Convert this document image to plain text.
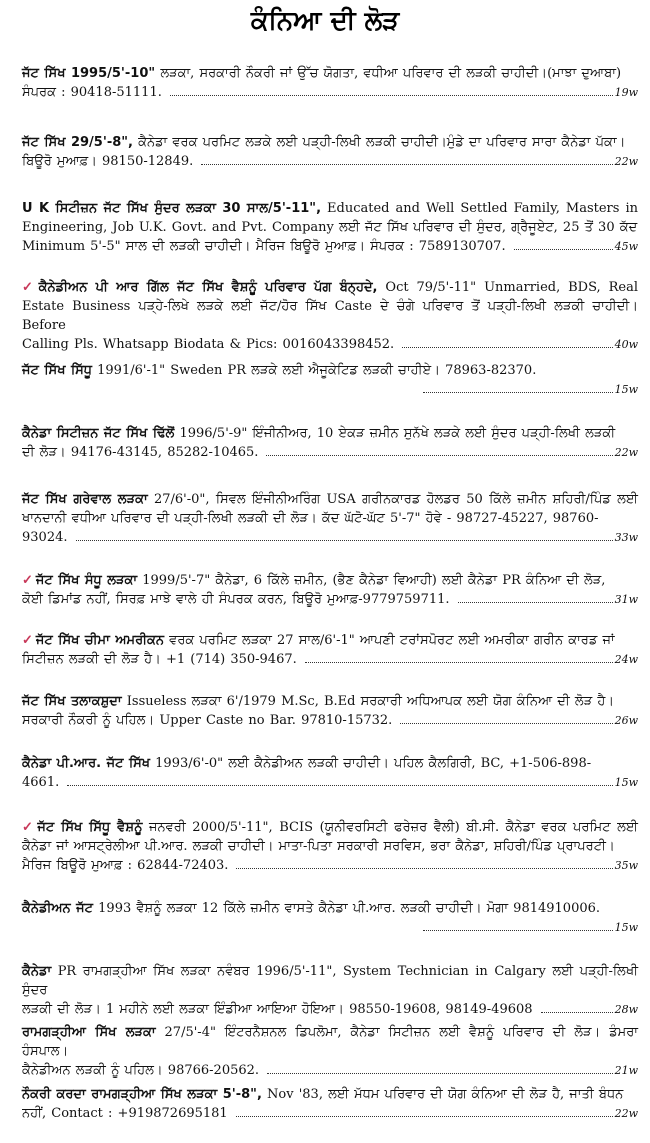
ਕੰਨਿਆ ਦੀ ਲੋੜ
ਜੱਟ ਸਿੱਖ 1995/5'-10" ਲੜਕਾ, ਸਰਕਾਰੀ ਨੌਕਰੀ ਜਾਂ ਉੱਚ ਯੋਗਤਾ, ਵਧੀਆ ਪਰਿਵਾਰ ਦੀ ਲੜਕੀ ਚਾਹੀਦੀ।(ਮਾਝਾ ਦੁਆਬਾ)
ਸੰਪਰਕ : 90418-51111.	19w
ਜੱਟ ਸਿੱਖ 29/5'-8", ਕੈਨੇਡਾ ਵਰਕ ਪਰਮਿਟ ਲੜਕੇ ਲਈ ਪੜ੍ਹੀ-ਲਿਖੀ ਲੜਕੀ ਚਾਹੀਦੀ।ਮੁੰਡੇ ਦਾ ਪਰਿਵਾਰ ਸਾਰਾ ਕੈਨੇਡਾ ਪੱਕਾ।
ਬਿਊਰੋ ਮੁਆਫ਼। 98150-12849.	22w
U K ਸਿਟੀਜ਼ਨ ਜੱਟ ਸਿੱਖ ਸੁੰਦਰ ਲੜਕਾ 30 ਸਾਲ/5'-11", Educated and Well Settled Family, Masters in Engineering, Job U.K. Govt. and Pvt. Company ਲਈ ਜੱਟ ਸਿੱਖ ਪਰਿਵਾਰ ਦੀ ਸੁੰਦਰ, ਗ੍ਰੈਜੂਏਟ, 25 ਤੋਂ 30 ਕੱਦ
Minimum 5'-5" ਸਾਲ ਦੀ ਲੜਕੀ ਚਾਹੀਦੀ। ਮੈਰਿਜ ਬਿਊਰੋ ਮੁਆਫ਼। ਸੰਪਰਕ : 7589130707.	45w
✓ ਕੈਨੇਡੀਅਨ ਪੀ ਆਰ ਗਿੱਲ ਜੱਟ ਸਿੱਖ ਵੈਸ਼ਨੂੰ ਪਰਿਵਾਰ ਪੱਗ ਬੰਨ੍ਹਦੇ, Oct 79/5'-11" Unmarried, BDS, Real Estate Business ਪੜ੍ਹੇ-ਲਿਖੇ ਲੜਕੇ ਲਈ ਜੱਟ/ਹੋਰ ਸਿੱਖ Caste ਦੇ ਚੰਗੇ ਪਰਿਵਾਰ ਤੋਂ ਪੜ੍ਹੀ-ਲਿਖੀ ਲੜਕੀ ਚਾਹੀਦੀ। Before
Calling Pls. Whatsapp Biodata & Pics: 0016043398452.	40w
ਜੱਟ ਸਿੱਖ ਸਿੱਧੂ 1991/6'-1" Sweden PR ਲੜਕੇ ਲਈ ਐਜੂਕੇਟਿਡ ਲੜਕੀ ਚਾਹੀਏ। 78963-82370.
15w
ਕੈਨੇਡਾ ਸਿਟੀਜ਼ਨ ਜੱਟ ਸਿੱਖ ਢਿੱਲੋਂ 1996/5'-9" ਇੰਜੀਨੀਅਰ, 10 ਏਕੜ ਜ਼ਮੀਨ ਸੁਨੱਖੇ ਲੜਕੇ ਲਈ ਸੁੰਦਰ ਪੜ੍ਹੀ-ਲਿਖੀ ਲੜਕੀ
ਦੀ ਲੋੜ। 94176-43145, 85282-10465.	22w
ਜੱਟ ਸਿੱਖ ਗਰੇਵਾਲ ਲੜਕਾ 27/6'-0", ਸਿਵਲ ਇੰਜੀਨੀਅਰਿੰਗ USA ਗਰੀਨਕਾਰਡ ਹੋਲਡਰ 50 ਕਿੱਲੇ ਜ਼ਮੀਨ ਸ਼ਹਿਰੀ/ਪਿੰਡ ਲਈ ਖਾਨਦਾਨੀ ਵਧੀਆ ਪਰਿਵਾਰ ਦੀ ਪੜ੍ਹੀ-ਲਿਖੀ ਲੜਕੀ ਦੀ ਲੋੜ। ਕੱਦ ਘੱਟੋ-ਘੱਟ 5'-7" ਹੋਵੇ - 98727-45227, 98760-
93024.	33w
✓ ਜੱਟ ਸਿੱਖ ਸੰਧੂ ਲੜਕਾ 1999/5'-7" ਕੈਨੇਡਾ, 6 ਕਿੱਲੇ ਜ਼ਮੀਨ, (ਭੈਣ ਕੈਨੇਡਾ ਵਿਆਹੀ) ਲਈ ਕੈਨੇਡਾ PR ਕੰਨਿਆ ਦੀ ਲੋੜ,
ਕੋਈ ਡਿਮਾਂਡ ਨਹੀਂ, ਸਿਰਫ਼ ਮਾਝੇ ਵਾਲੇ ਹੀ ਸੰਪਰਕ ਕਰਨ, ਬਿਊਰੋ ਮੁਆਫ਼-9779759711.	31w
✓ ਜੱਟ ਸਿੱਖ ਚੀਮਾ ਅਮਰੀਕਨ ਵਰਕ ਪਰਮਿਟ ਲੜਕਾ 27 ਸਾਲ/6'-1" ਆਪਣੀ ਟਰਾਂਸਪੋਰਟ ਲਈ ਅਮਰੀਕਾ ਗਰੀਨ ਕਾਰਡ ਜਾਂ
ਸਿਟੀਜ਼ਨ ਲੜਕੀ ਦੀ ਲੋੜ ਹੈ। +1 (714) 350-9467.	24w
ਜੱਟ ਸਿੱਖ ਤਲਾਕਸ਼ੁਦਾ Issueless ਲੜਕਾ 6'/1979 M.Sc, B.Ed ਸਰਕਾਰੀ ਅਧਿਆਪਕ ਲਈ ਯੋਗ ਕੰਨਿਆ ਦੀ ਲੋੜ ਹੈ।
ਸਰਕਾਰੀ ਨੌਕਰੀ ਨੂੰ ਪਹਿਲ। Upper Caste no Bar. 97810-15732.	26w
ਕੈਨੇਡਾ ਪੀ.ਆਰ. ਜੱਟ ਸਿੱਖ 1993/6'-0" ਲਈ ਕੈਨੇਡੀਅਨ ਲੜਕੀ ਚਾਹੀਦੀ। ਪਹਿਲ ਕੈਲਗਿਰੀ, BC, +1-506-898-
4661.	15w
✓ ਜੱਟ ਸਿੱਖ ਸਿੱਧੂ ਵੈਸ਼ਨੂੰ ਜਨਵਰੀ 2000/5'-11", BCIS (ਯੂਨੀਵਰਸਿਟੀ ਫਰੇਜ਼ਰ ਵੈਲੀ) ਬੀ.ਸੀ. ਕੈਨੇਡਾ ਵਰਕ ਪਰਮਿਟ ਲਈ ਕੈਨੇਡਾ ਜਾਂ ਆਸਟ੍ਰੇਲੀਆ ਪੀ.ਆਰ. ਲੜਕੀ ਚਾਹੀਦੀ। ਮਾਤਾ-ਪਿਤਾ ਸਰਕਾਰੀ ਸਰਵਿਸ, ਭਰਾ ਕੈਨੇਡਾ, ਸ਼ਹਿਰੀ/ਪਿੰਡ ਪ੍ਰਾਪਰਟੀ।
ਮੈਰਿਜ ਬਿਊਰੋ ਮੁਆਫ਼ : 62844-72403.	35w
ਕੈਨੇਡੀਅਨ ਜੱਟ 1993 ਵੈਸ਼ਨੂੰ ਲੜਕਾ 12 ਕਿੱਲੇ ਜ਼ਮੀਨ ਵਾਸਤੇ ਕੈਨੇਡਾ ਪੀ.ਆਰ. ਲੜਕੀ ਚਾਹੀਦੀ। ਮੋਗਾ 9814910006.
15w
ਕੈਨੇਡਾ PR ਰਾਮਗੜ੍ਹੀਆ ਸਿੱਖ ਲੜਕਾ ਨਵੰਬਰ 1996/5'-11", System Technician in Calgary ਲਈ ਪੜ੍ਹੀ-ਲਿਖੀ ਸੁੰਦਰ
ਲੜਕੀ ਦੀ ਲੋੜ। 1 ਮਹੀਨੇ ਲਈ ਲੜਕਾ ਇੰਡੀਆ ਆਇਆ ਹੋਇਆ। 98550-19608, 98149-49608	28w
ਰਾਮਗੜ੍ਹੀਆ ਸਿੱਖ ਲੜਕਾ 27/5'-4" ਇੰਟਰਨੈਸ਼ਨਲ ਡਿਪਲੋਮਾ, ਕੈਨੇਡਾ ਸਿਟੀਜ਼ਨ ਲਈ ਵੈਸ਼ਨੂੰ ਪਰਿਵਾਰ ਦੀ ਲੋੜ। ਡੰਮਰਾ ਹੰਸਪਾਲ।
ਕੈਨੇਡੀਅਨ ਲੜਕੀ ਨੂੰ ਪਹਿਲ। 98766-20562.	21w
ਨੌਕਰੀ ਕਰਦਾ ਰਾਮਗੜ੍ਹੀਆ ਸਿੱਖ ਲੜਕਾ 5'-8", Nov '83, ਲਈ ਮੱਧਮ ਪਰਿਵਾਰ ਦੀ ਯੋਗ ਕੰਨਿਆ ਦੀ ਲੋੜ ਹੈ, ਜਾਤੀ ਬੰਧਨ
ਨਹੀਂ, Contact : +919872695181	22w
